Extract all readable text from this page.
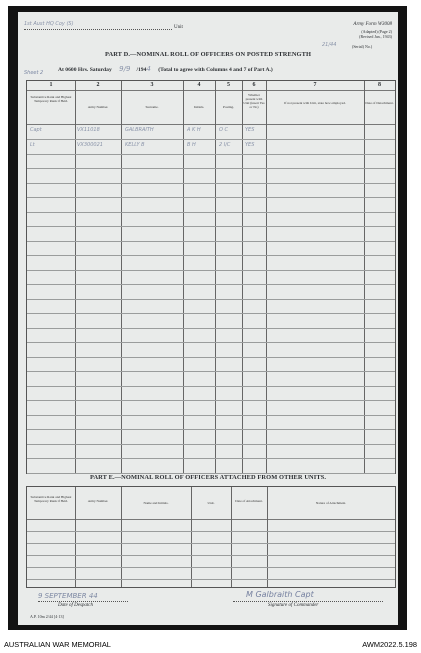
1st Aust HQ Coy (S)
Unit
Army Form W3008
(Adapted) (Page 2)
(Revised Jan., 1943)
21/44	(Serial) No.)
PART D.—NOMINAL ROLL OF OFFICERS ON POSTED STRENGTH
Sheet 2	At 0600 Hrs. Saturday 9/9 /1944 (Total to agree with Columns 4 and 7 of Part A.)
1	2	3	4	5	6	7	8
Substantive Rank and Highest Temporary Rank if Held.
Army Number.	Surname.	Initials.	Posting.
Whether present with Unit (insert Yes or No)
If not present with Unit, state how employed.	Date of Detachment.
Capt	VX11018	GALBRAITH	A K H	O C	YES
Lt	VX300021	KELLY B	B H	2 I/C	YES
PART E.—NOMINAL ROLL OF OFFICERS ATTACHED FROM OTHER UNITS.
Substantive Rank and Highest Temporary Rank if Held.	Army Number.	Name and Initials.	Unit.	Date of Attachment.	Nature of Attachment.
9 SEPTEMBER 44
Date of Despatch
M Galbraith Capt
Signature of Commander
A.P. 10m 2/44 [4·13]
AUSTRALIAN WAR MEMORIAL	AWM2022.5.198
